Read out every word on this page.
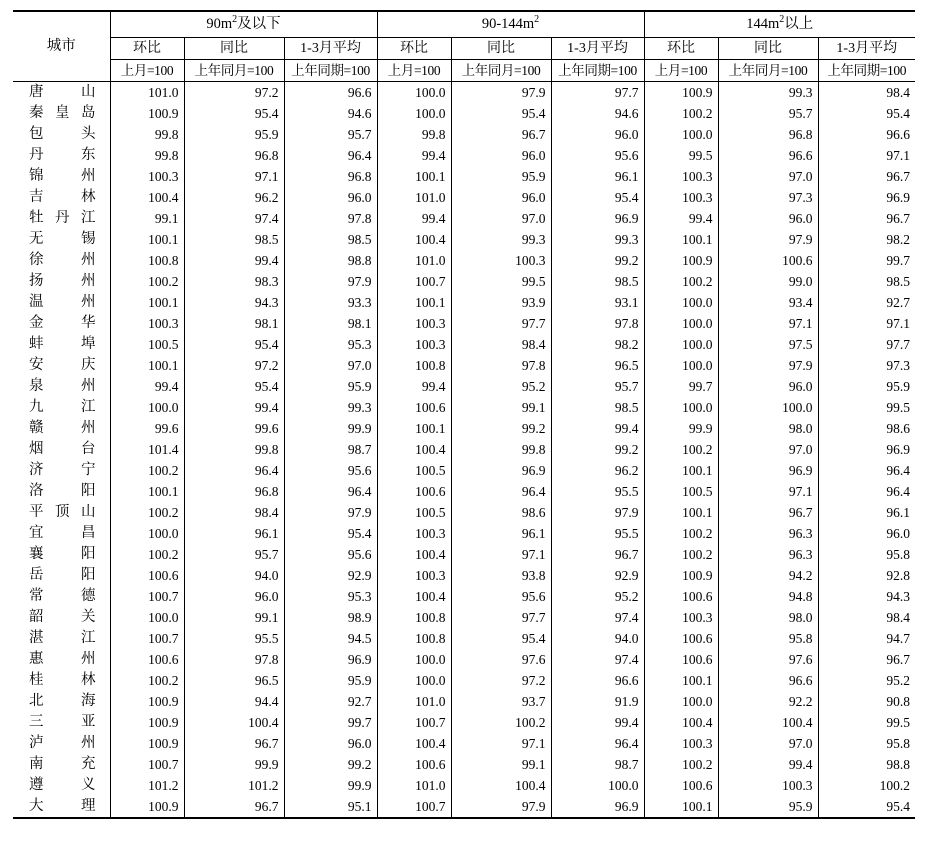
城市	$90m^2$及以下			$90-144m^2$			$144m^2$以上		
	环比	同比	1-3月平均	环比	同比	1-3月平均	环比	同比	1-3月平均
	上月=100	上年同月=100	上年同期=100	上月=100	上年同月=100	上年同期=100	上月=100	上年同月=100	上年同期=100
唐山	101.0	97.2	96.6	100.0	97.9	97.7	100.9	99.3	98.4
秦皇岛	100.9	95.4	94.6	100.0	95.4	94.6	100.2	95.7	95.4
包头	99.8	95.9	95.7	99.8	96.7	96.0	100.0	96.8	96.6
丹东	99.8	96.8	96.4	99.4	96.0	95.6	99.5	96.6	97.1
锦州	100.3	97.1	96.8	100.1	95.9	96.1	100.3	97.0	96.7
吉林	100.4	96.2	96.0	101.0	96.0	95.4	100.3	97.3	96.9
牡丹江	99.1	97.4	97.8	99.4	97.0	96.9	99.4	96.0	96.7
无锡	100.1	98.5	98.5	100.4	99.3	99.3	100.1	97.9	98.2
徐州	100.8	99.4	98.8	101.0	100.3	99.2	100.9	100.6	99.7
扬州	100.2	98.3	97.9	100.7	99.5	98.5	100.2	99.0	98.5
温州	100.1	94.3	93.3	100.1	93.9	93.1	100.0	93.4	92.7
金华	100.3	98.1	98.1	100.3	97.7	97.8	100.0	97.1	97.1
蚌埠	100.5	95.4	95.3	100.3	98.4	98.2	100.0	97.5	97.7
安庆	100.1	97.2	97.0	100.8	97.8	96.5	100.0	97.9	97.3
泉州	99.4	95.4	95.9	99.4	95.2	95.7	99.7	96.0	95.9
九江	100.0	99.4	99.3	100.6	99.1	98.5	100.0	100.0	99.5
赣州	99.6	99.6	99.9	100.1	99.2	99.4	99.9	98.0	98.6
烟台	101.4	99.8	98.7	100.4	99.8	99.2	100.2	97.0	96.9
济宁	100.2	96.4	95.6	100.5	96.9	96.2	100.1	96.9	96.4
洛阳	100.1	96.8	96.4	100.6	96.4	95.5	100.5	97.1	96.4
平顶山	100.2	98.4	97.9	100.5	98.6	97.9	100.1	96.7	96.1
宜昌	100.0	96.1	95.4	100.3	96.1	95.5	100.2	96.3	96.0
襄阳	100.2	95.7	95.6	100.4	97.1	96.7	100.2	96.3	95.8
岳阳	100.6	94.0	92.9	100.3	93.8	92.9	100.9	94.2	92.8
常德	100.7	96.0	95.3	100.4	95.6	95.2	100.6	94.8	94.3
韶关	100.0	99.1	98.9	100.8	97.7	97.4	100.3	98.0	98.4
湛江	100.7	95.5	94.5	100.8	95.4	94.0	100.6	95.8	94.7
惠州	100.6	97.8	96.9	100.0	97.6	97.4	100.6	97.6	96.7
桂林	100.2	96.5	95.9	100.0	97.2	96.6	100.1	96.6	95.2
北海	100.9	94.4	92.7	101.0	93.7	91.9	100.0	92.2	90.8
三亚	100.9	100.4	99.7	100.7	100.2	99.4	100.4	100.4	99.5
泸州	100.9	96.7	96.0	100.4	97.1	96.4	100.3	97.0	95.8
南充	100.7	99.9	99.2	100.6	99.1	98.7	100.2	99.4	98.8
遵义	101.2	101.2	99.9	101.0	100.4	100.0	100.6	100.3	100.2
大理	100.9	96.7	95.1	100.7	97.9	96.9	100.1	95.9	95.4
